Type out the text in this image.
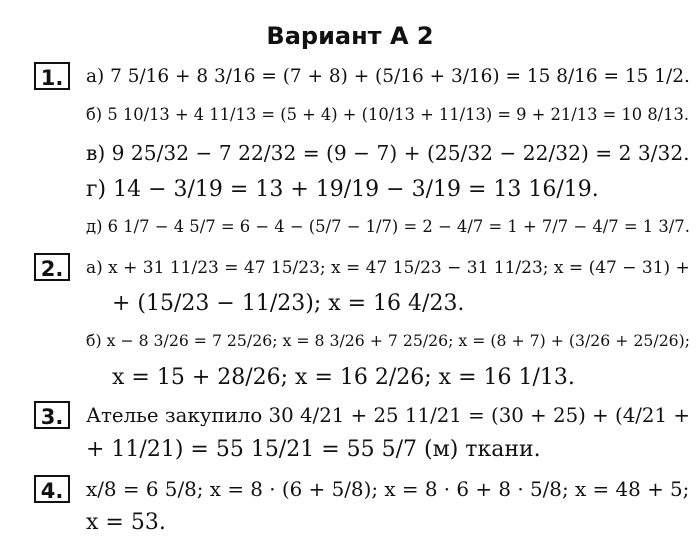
Вариант А 2
1.	а) 7 5/16 + 8 3/16 = (7 + 8) + (5/16 + 3/16) = 15 8/16 = 15 1/2.
б) 5 10/13 + 4 11/13 = (5 + 4) + (10/13 + 11/13) = 9 + 21/13 = 10 8/13.
в) 9 25/32 − 7 22/32 = (9 − 7) + (25/32 − 22/32) = 2 3/32.
г) 14 − 3/19 = 13 + 19/19 − 3/19 = 13 16/19.
д) 6 1/7 − 4 5/7 = 6 − 4 − (5/7 − 1/7) = 2 − 4/7 = 1 + 7/7 − 4/7 = 1 3/7.
2.	а) x + 31 11/23 = 47 15/23; x = 47 15/23 − 31 11/23; x = (47 − 31) +
+ (15/23 − 11/23); x = 16 4/23.
б) x − 8 3/26 = 7 25/26; x = 8 3/26 + 7 25/26; x = (8 + 7) + (3/26 + 25/26);
x = 15 + 28/26; x = 16 2/26; x = 16 1/13.
3.	Ателье закупило 30 4/21 + 25 11/21 = (30 + 25) + (4/21 +
+ 11/21) = 55 15/21 = 55 5/7 (м) ткани.
4.	x/8 = 6 5/8; x = 8 · (6 + 5/8); x = 8 · 6 + 8 · 5/8; x = 48 + 5;
x = 53.
